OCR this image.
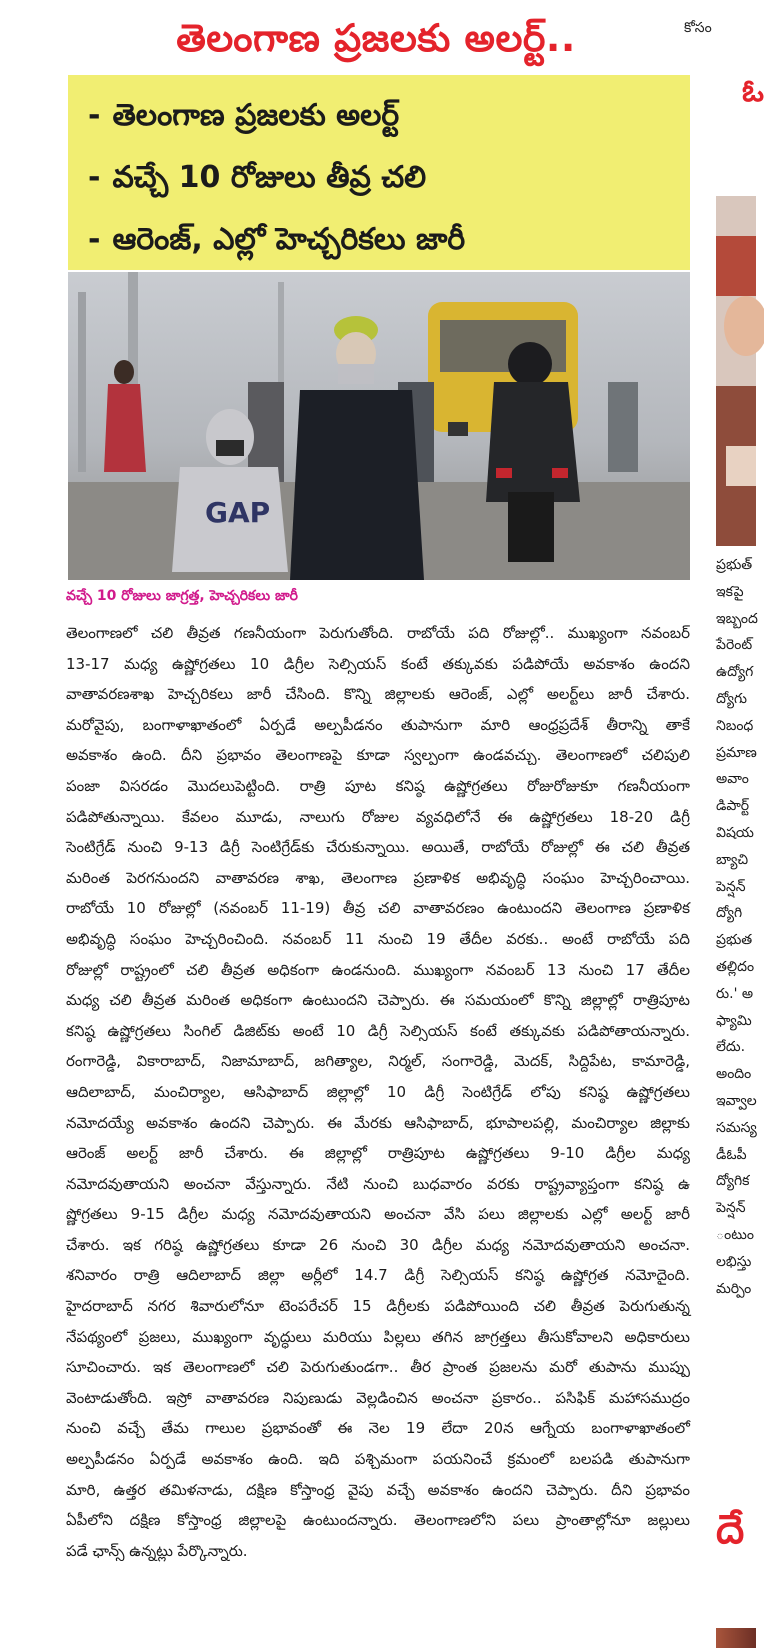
తెలంగాణ ప్రజలకు అలర్ట్..
- తెలంగాణ ప్రజలకు అలర్ట్
- వచ్చే 10 రోజులు తీవ్ర చలి
- ఆరెంజ్, ఎల్లో హెచ్చరికలు జారీ
GAP
వచ్చే 10 రోజులు జాగ్రత్త, హెచ్చరికలు జారీ
తెలంగాణలో చలి తీవ్రత గణనీయంగా పెరుగుతోంది. రాబోయే పది రోజుల్లో.. ముఖ్యంగా నవంబర్
13-17 మధ్య ఉష్ణోగ్రతలు 10 డిగ్రీల సెల్సియస్ కంటే తక్కువకు పడిపోయే అవకాశం ఉందని
వాతావరణశాఖ హెచ్చరికలు జారీ చేసింది. కొన్ని జిల్లాలకు ఆరెంజ్, ఎల్లో అలర్ట్‌లు జారీ చేశారు.
మరోవైపు, బంగాళాఖాతంలో ఏర్పడే అల్పపీడనం తుపానుగా మారి ఆంధ్రప్రదేశ్ తీరాన్ని తాకే
అవకాశం ఉంది. దీని ప్రభావం తెలంగాణపై కూడా స్వల్పంగా ఉండవచ్చు. తెలంగాణలో చలిపులి
పంజా విసరడం మొదలుపెట్టింది. రాత్రి పూట కనిష్ఠ ఉష్ణోగ్రతలు రోజురోజుకూ గణనీయంగా
పడిపోతున్నాయి. కేవలం మూడు, నాలుగు రోజుల వ్యవధిలోనే ఈ ఉష్ణోగ్రతలు 18-20 డిగ్రీ
సెంటిగ్రేడ్ నుంచి 9-13 డిగ్రీ సెంటిగ్రేడ్‌కు చేరుకున్నాయి. అయితే, రాబోయే రోజుల్లో ఈ చలి తీవ్రత
మరింత పెరగనుందని వాతావరణ శాఖ, తెలంగాణ ప్రణాళిక అభివృద్ధి సంఘం హెచ్చరించాయి.
రాబోయే 10 రోజుల్లో (నవంబర్ 11-19) తీవ్ర చలి వాతావరణం ఉంటుందని తెలంగాణ ప్రణాళిక
అభివృద్ధి సంఘం హెచ్చరించింది. నవంబర్ 11 నుంచి 19 తేదీల వరకు.. అంటే రాబోయే పది
రోజుల్లో రాష్ట్రంలో చలి తీవ్రత అధికంగా ఉండనుంది. ముఖ్యంగా నవంబర్ 13 నుంచి 17 తేదీల
మధ్య చలి తీవ్రత మరింత అధికంగా ఉంటుందని చెప్పారు. ఈ సమయంలో కొన్ని జిల్లాల్లో రాత్రిపూట
కనిష్ఠ ఉష్ణోగ్రతలు సింగిల్ డిజిట్‌కు అంటే 10 డిగ్రీ సెల్సియస్ కంటే తక్కువకు పడిపోతాయన్నారు.
రంగారెడ్డి, వికారాబాద్, నిజామాబాద్, జగిత్యాల, నిర్మల్, సంగారెడ్డి, మెదక్, సిద్దిపేట, కామారెడ్డి,
ఆదిలాబాద్, మంచిర్యాల, ఆసిఫాబాద్ జిల్లాల్లో 10 డిగ్రీ సెంటిగ్రేడ్ లోపు కనిష్ఠ ఉష్ణోగ్రతలు
నమోదయ్యే అవకాశం ఉందని చెప్పారు. ఈ మేరకు ఆసిఫాబాద్, భూపాలపల్లి, మంచిర్యాల జిల్లాకు
ఆరెంజ్ అలర్ట్ జారీ చేశారు. ఈ జిల్లాల్లో రాత్రిపూట ఉష్ణోగ్రతలు 9-10 డిగ్రీల మధ్య
నమోదవుతాయని అంచనా వేస్తున్నారు. నేటి నుంచి బుధవారం వరకు రాష్ట్రవ్యాప్తంగా కనిష్ఠ ఉ
ష్ణోగ్రతలు 9-15 డిగ్రీల మధ్య నమోదవుతాయని అంచనా వేసి పలు జిల్లాలకు ఎల్లో అలర్ట్ జారీ
చేశారు. ఇక గరిష్ఠ ఉష్ణోగ్రతలు కూడా 26 నుంచి 30 డిగ్రీల మధ్య నమోదవుతాయని అంచనా.
శనివారం రాత్రి ఆదిలాబాద్ జిల్లా అర్లీలో 14.7 డిగ్రీ సెల్సియస్ కనిష్ఠ ఉష్ణోగ్రత నమోదైంది.
హైదరాబాద్ నగర శివారులోనూ టెంపరేచర్ 15 డిగ్రీలకు పడిపోయింది చలి తీవ్రత పెరుగుతున్న
నేపథ్యంలో ప్రజలు, ముఖ్యంగా వృద్ధులు మరియు పిల్లలు తగిన జాగ్రత్తలు తీసుకోవాలని అధికారులు
సూచించారు. ఇక తెలంగాణలో చలి పెరుగుతుండగా.. తీర ప్రాంత ప్రజలను మరో తుపాను ముప్పు
వెంటాడుతోంది. ఇస్రో వాతావరణ నిపుణుడు వెల్లడించిన అంచనా ప్రకారం.. పసిఫిక్ మహాసముద్రం
నుంచి వచ్చే తేమ గాలుల ప్రభావంతో ఈ నెల 19 లేదా 20న ఆగ్నేయ బంగాళాఖాతంలో
అల్పపీడనం ఏర్పడే అవకాశం ఉంది. ఇది పశ్చిమంగా పయనించే క్రమంలో బలపడి తుపానుగా
మారి, ఉత్తర తమిళనాడు, దక్షిణ కోస్తాంధ్ర వైపు వచ్చే అవకాశం ఉందని చెప్పారు. దీని ప్రభావం
ఏపీలోని దక్షిణ కోస్తాంధ్ర జిల్లాలపై ఉంటుందన్నారు. తెలంగాణలోని పలు ప్రాంతాల్లోనూ జల్లులు
పడే ఛాన్స్ ఉన్నట్లు పేర్కొన్నారు.
కోసం
ఓ
ప్రభుత్
ఇకపై
ఇబ్బంద
పేరెంట్
ఉద్యోగ
ద్యోగు
నిబంధ
ప్రమాణ
అవాం
డిపార్ట్
విషయ
బ్యాచి
పెన్షన్
ద్యోగి
ప్రభుత
తల్లిదం
రు.' అ
ఫ్యామి
లేదు.
అందిం
ఇవ్వాల
సమస్య
డీఓపీ
ద్యోగిక
పెన్షన్
ంటుం
లభిస్తు
మర్పిం
దే
